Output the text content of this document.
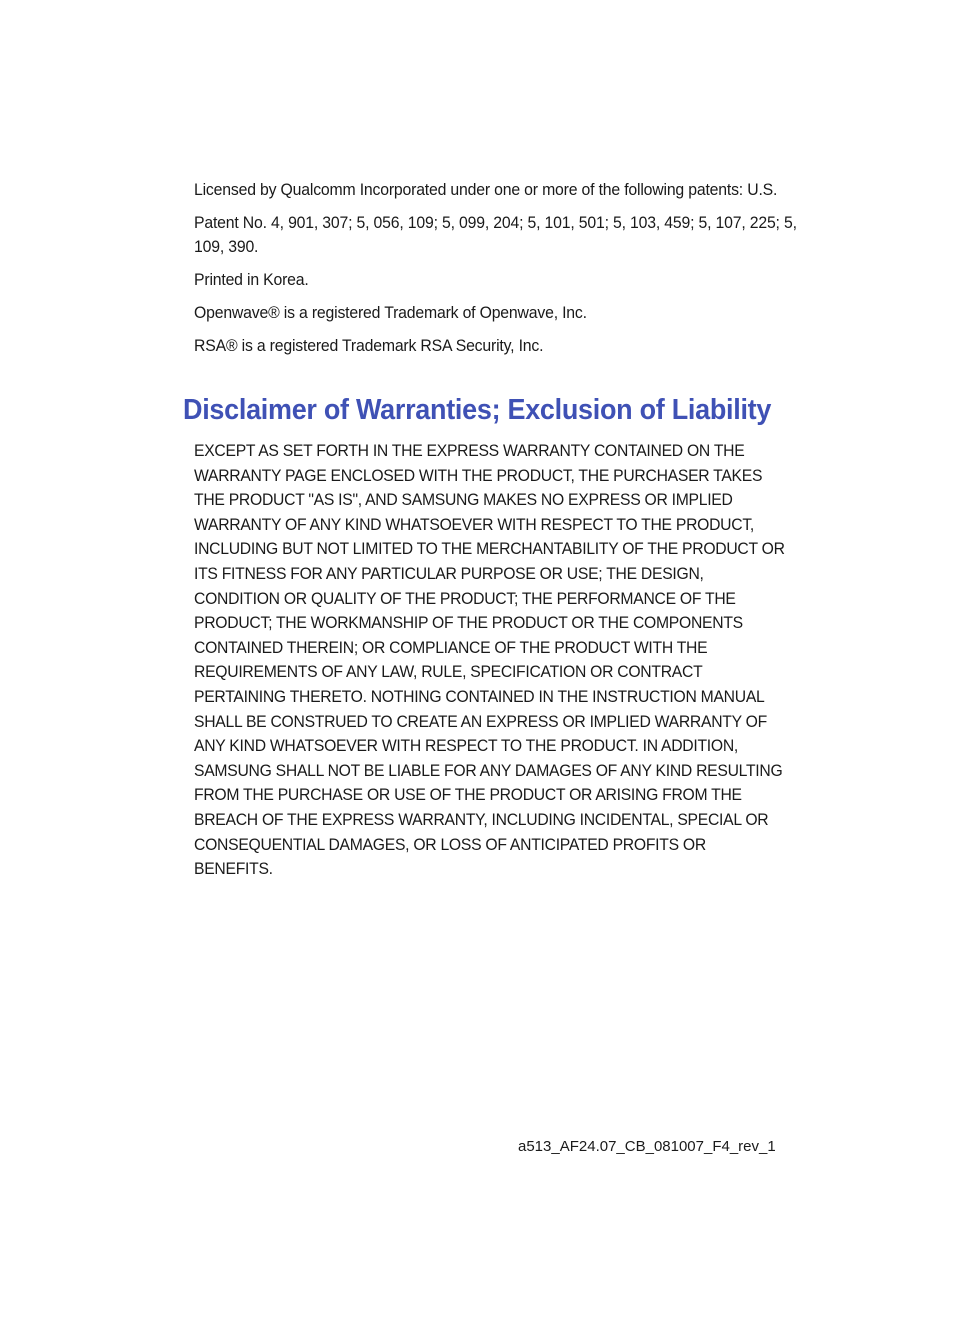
Licensed by Qualcomm Incorporated under one or more of the following patents: U.S.

Patent No. 4, 901, 307; 5, 056, 109; 5, 099, 204; 5, 101, 501; 5, 103, 459; 5, 107, 225; 5, 109, 390.

Printed in Korea.

Openwave® is a registered Trademark of Openwave, Inc.

RSA® is a registered Trademark RSA Security, Inc.

Disclaimer of Warranties; Exclusion of Liability

EXCEPT AS SET FORTH IN THE EXPRESS WARRANTY CONTAINED ON THE WARRANTY PAGE ENCLOSED WITH THE PRODUCT, THE PURCHASER TAKES THE PRODUCT "AS IS", AND SAMSUNG MAKES NO EXPRESS OR IMPLIED WARRANTY OF ANY KIND WHATSOEVER WITH RESPECT TO THE PRODUCT, INCLUDING BUT NOT LIMITED TO THE MERCHANTABILITY OF THE PRODUCT OR ITS FITNESS FOR ANY PARTICULAR PURPOSE OR USE; THE DESIGN, CONDITION OR QUALITY OF THE PRODUCT; THE PERFORMANCE OF THE PRODUCT; THE WORKMANSHIP OF THE PRODUCT OR THE COMPONENTS CONTAINED THEREIN; OR COMPLIANCE OF THE PRODUCT WITH THE REQUIREMENTS OF ANY LAW, RULE, SPECIFICATION OR CONTRACT PERTAINING THERETO. NOTHING CONTAINED IN THE INSTRUCTION MANUAL SHALL BE CONSTRUED TO CREATE AN EXPRESS OR IMPLIED WARRANTY OF ANY KIND WHATSOEVER WITH RESPECT TO THE PRODUCT. IN ADDITION, SAMSUNG SHALL NOT BE LIABLE FOR ANY DAMAGES OF ANY KIND RESULTING FROM THE PURCHASE OR USE OF THE PRODUCT OR ARISING FROM THE BREACH OF THE EXPRESS WARRANTY, INCLUDING INCIDENTAL, SPECIAL OR CONSEQUENTIAL DAMAGES, OR LOSS OF ANTICIPATED PROFITS OR BENEFITS.

a513_AF24.07_CB_081007_F4_rev_1
